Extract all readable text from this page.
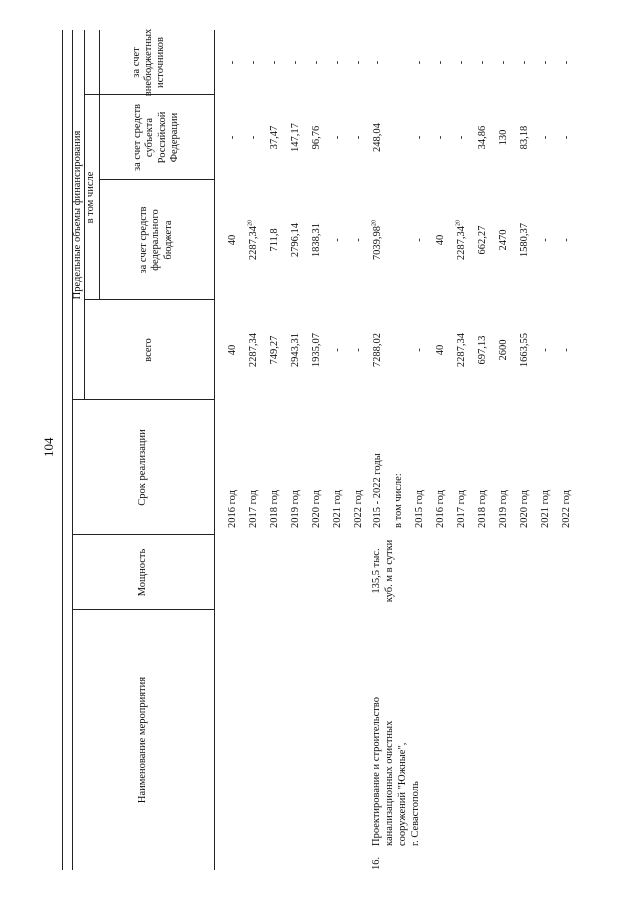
104
Наименование мероприятия
Мощность
Срок реализации
Предельные объемы финансирования
всего
в том числе
за счет средств федерального бюджета
за счет средств субъекта Российской Федерации
за счет внебюджетных источников
2016 год
40
40
-
-
2017 год
2287,34
2287,34$^{20}$
-
-
2018 год
749,27
711,8
37,47
-
2019 год
2943,31
2796,14
147,17
-
2020 год
1935,07
1838,31
96,76
-
2021 год
-
-
-
-
2022 год
-
-
-
-
16.
Проектирование и строительство канализационных очистных сооружений "Южные", г. Севастополь
135,5 тыс. куб. м в сутки
2015 - 2022 годы
7288,02
7039,98$^{20}$
248,04
-
в том числе: 2015 год
-
-
-
-
2016 год
40
40
-
-
2017 год
2287,34
2287,34$^{20}$
-
-
2018 год
697,13
662,27
34,86
-
2019 год
2600
2470
130
-
2020 год
1663,55
1580,37
83,18
-
2021 год
-
-
-
-
2022 год
-
-
-
-
